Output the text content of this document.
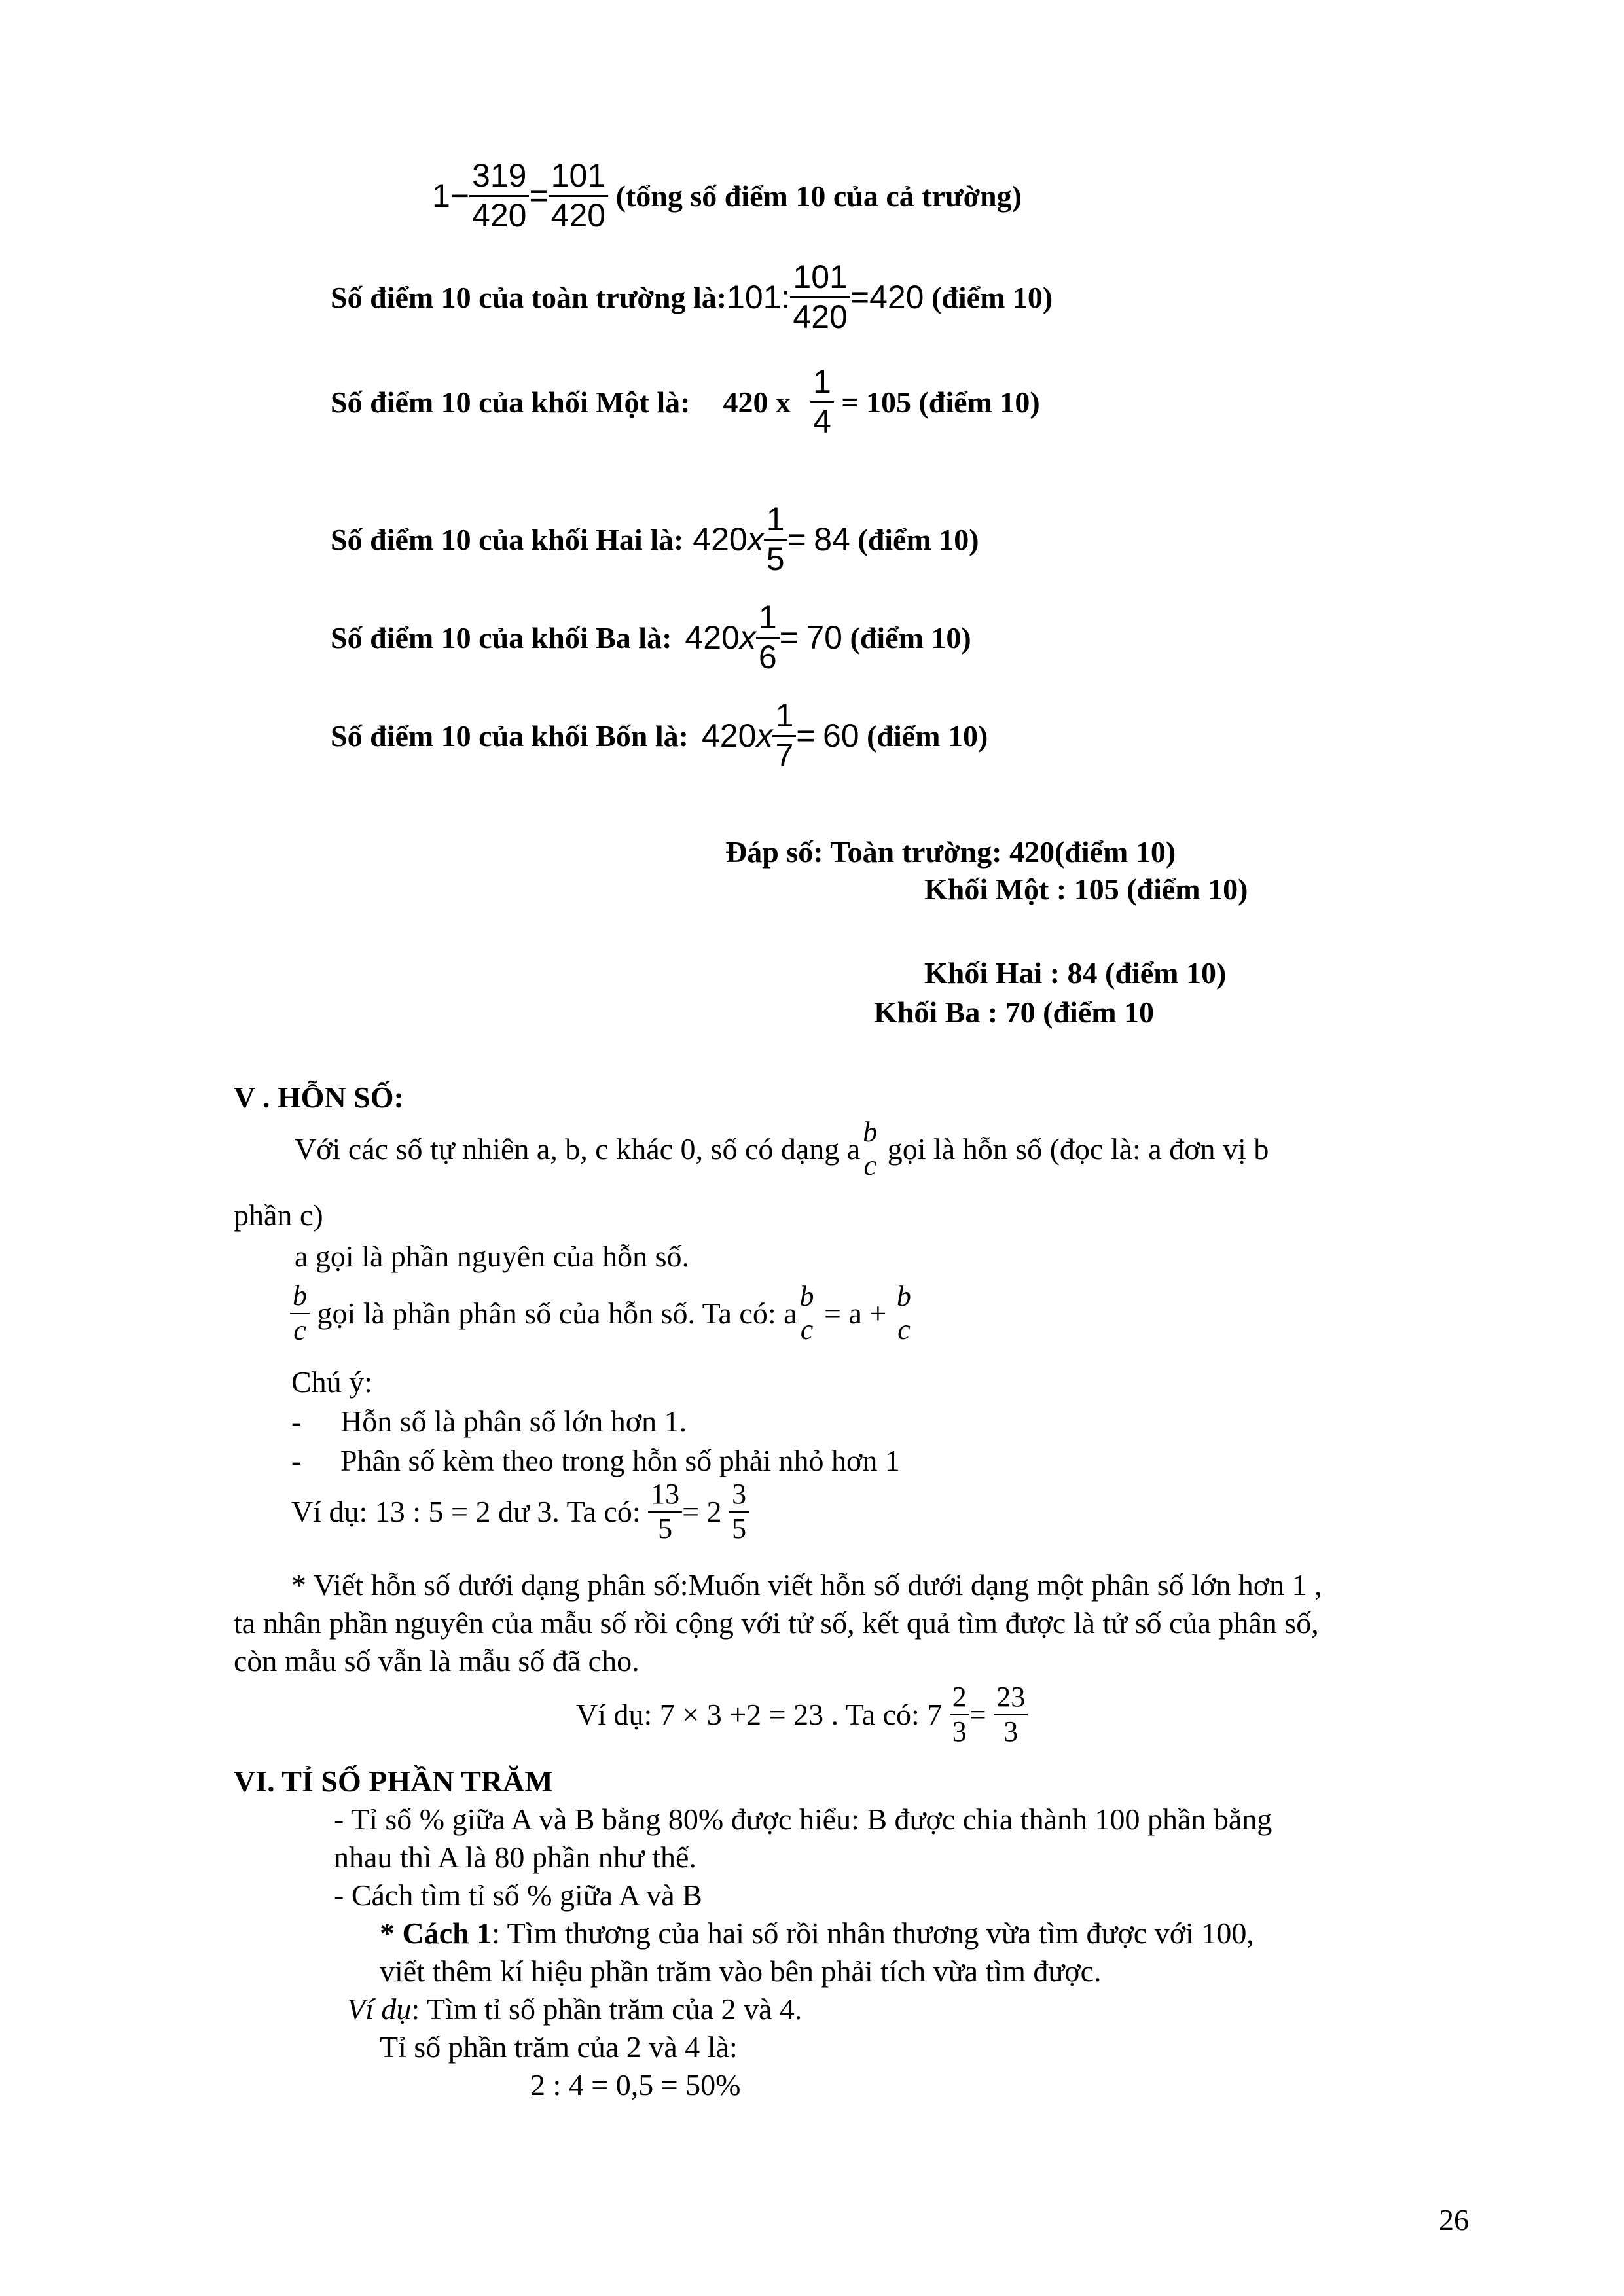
$1- \frac{319}{420} = \frac{101}{420}$ (tổng số điểm 10 của cả trường)
Số điểm 10 của toàn trường là:101: $\frac{101}{420} =420$ (điểm 10)
Số điểm 10 của khối Một là: 420 x $\frac{1}{4} = 105$ (điểm 10)
Số điểm 10 của khối Hai là: $420x \frac{1}{5} = 84$ (điểm 10)
Số điểm 10 của khối Ba là: $420x \frac{1}{6} = 70$ (điểm 10)
Số điểm 10 của khối Bốn là: $420x \frac{1}{7} = 60$ (điểm 10)
Đáp số: Toàn trường: 420(điểm 10)
Khối Một : 105 (điểm 10)
Khối Hai : 84 (điểm 10)
Khối Ba : 70 (điểm 10
V . HỖN SỐ:
Với các số tự nhiên a, b, c khác 0, số có dạng a
b
c gọi là hỗn số (đọc là: a đơn vị b
phần c)
a gọi là phần nguyên của hỗn số.
$\frac{b}{c}$ gọi là phần phân số của hỗn số. Ta có: a
b
c = a +
b
c
Chú ý:
- Hỗn số là phân số lớn hơn 1.
- Phân số kèm theo trong hỗn số phải nhỏ hơn 1
Ví dụ: 13 : 5 = 2 dư 3. Ta có: $\frac{13}{5} = 2 \frac{3}{5}$
* Viết hỗn số dưới dạng phân số:Muốn viết hỗn số dưới dạng một phân số lớn hơn 1 ,
ta nhân phần nguyên của mẫu số rồi cộng với tử số, kết quả tìm được là tử số của phân số,
còn mẫu số vẫn là mẫu số đã cho.
Ví dụ: 7 × 3 +2 = 23 . Ta có: $7 \frac{2}{3} = \frac{23}{3}$
VI. TỈ SỐ PHẦN TRĂM
- Tỉ số % giữa A và B bằng 80% được hiểu: B được chia thành 100 phần bằng
nhau thì A là 80 phần như thế.
- Cách tìm tỉ số % giữa A và B
* Cách 1: Tìm thương của hai số rồi nhân thương vừa tìm được với 100,
viết thêm kí hiệu phần trăm vào bên phải tích vừa tìm được.
Ví dụ: Tìm tỉ số phần trăm của 2 và 4.
Tỉ số phần trăm của 2 và 4 là:
2 : 4 = 0,5 = 50%
26
